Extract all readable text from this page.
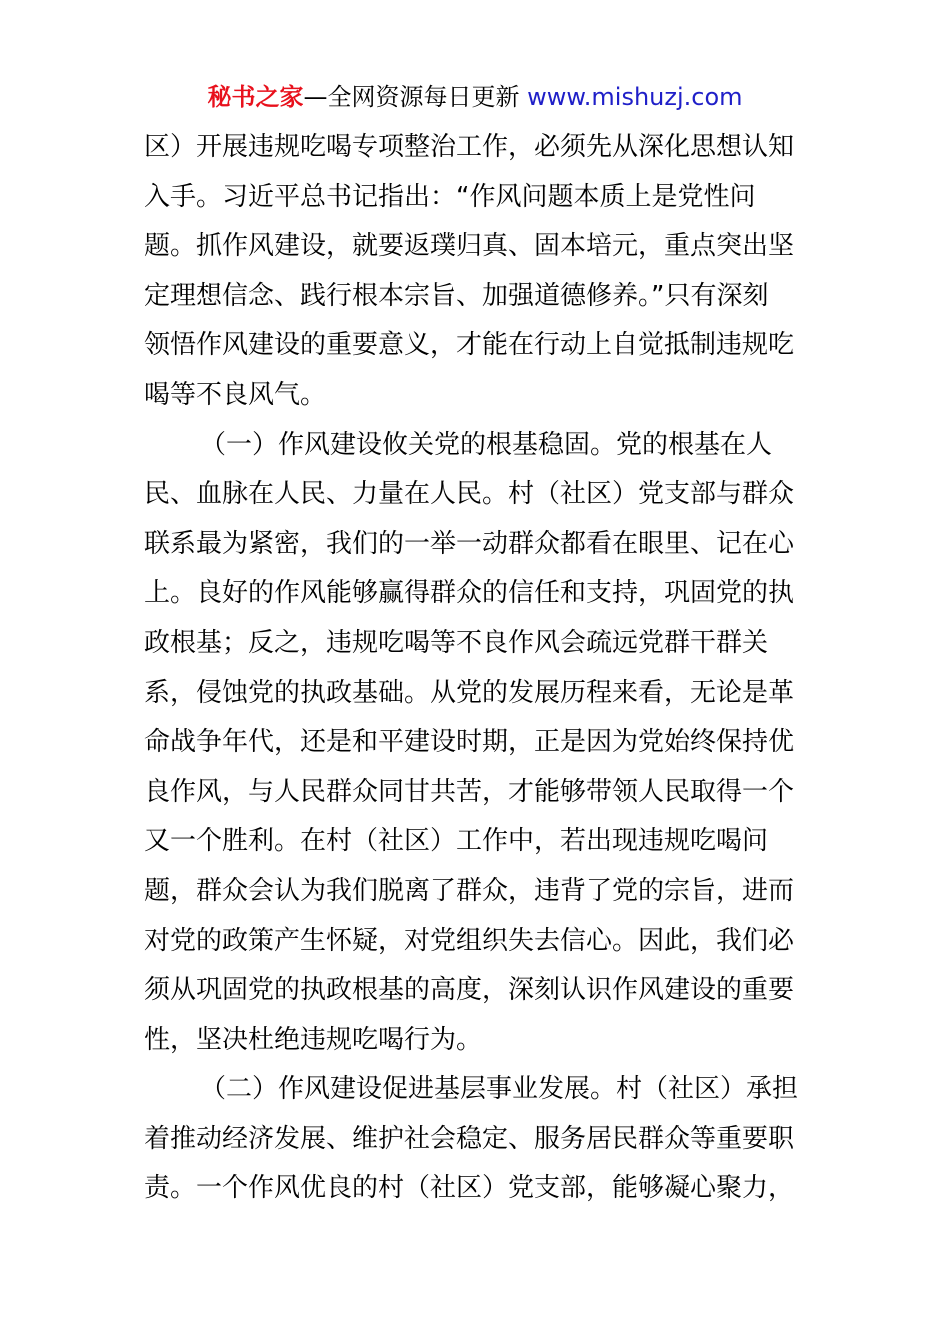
秘书之家—全网资源每日更新 www.mishuzj.com
区）开展违规吃喝专项整治工作，必须先从深化思想认知
入手。习近平总书记指出：“作风问题本质上是党性问
题。抓作风建设，就要返璞归真、固本培元，重点突出坚
定理想信念、践行根本宗旨、加强道德修养。”只有深刻
领悟作风建设的重要意义，才能在行动上自觉抵制违规吃
喝等不良风气。
（一）作风建设攸关党的根基稳固。党的根基在人
民、血脉在人民、力量在人民。村（社区）党支部与群众
联系最为紧密，我们的一举一动群众都看在眼里、记在心
上。良好的作风能够赢得群众的信任和支持，巩固党的执
政根基；反之，违规吃喝等不良作风会疏远党群干群关
系，侵蚀党的执政基础。从党的发展历程来看，无论是革
命战争年代，还是和平建设时期，正是因为党始终保持优
良作风，与人民群众同甘共苦，才能够带领人民取得一个
又一个胜利。在村（社区）工作中，若出现违规吃喝问
题，群众会认为我们脱离了群众，违背了党的宗旨，进而
对党的政策产生怀疑，对党组织失去信心。因此，我们必
须从巩固党的执政根基的高度，深刻认识作风建设的重要
性，坚决杜绝违规吃喝行为。
（二）作风建设促进基层事业发展。村（社区）承担
着推动经济发展、维护社会稳定、服务居民群众等重要职
责。一个作风优良的村（社区）党支部，能够凝心聚力，
